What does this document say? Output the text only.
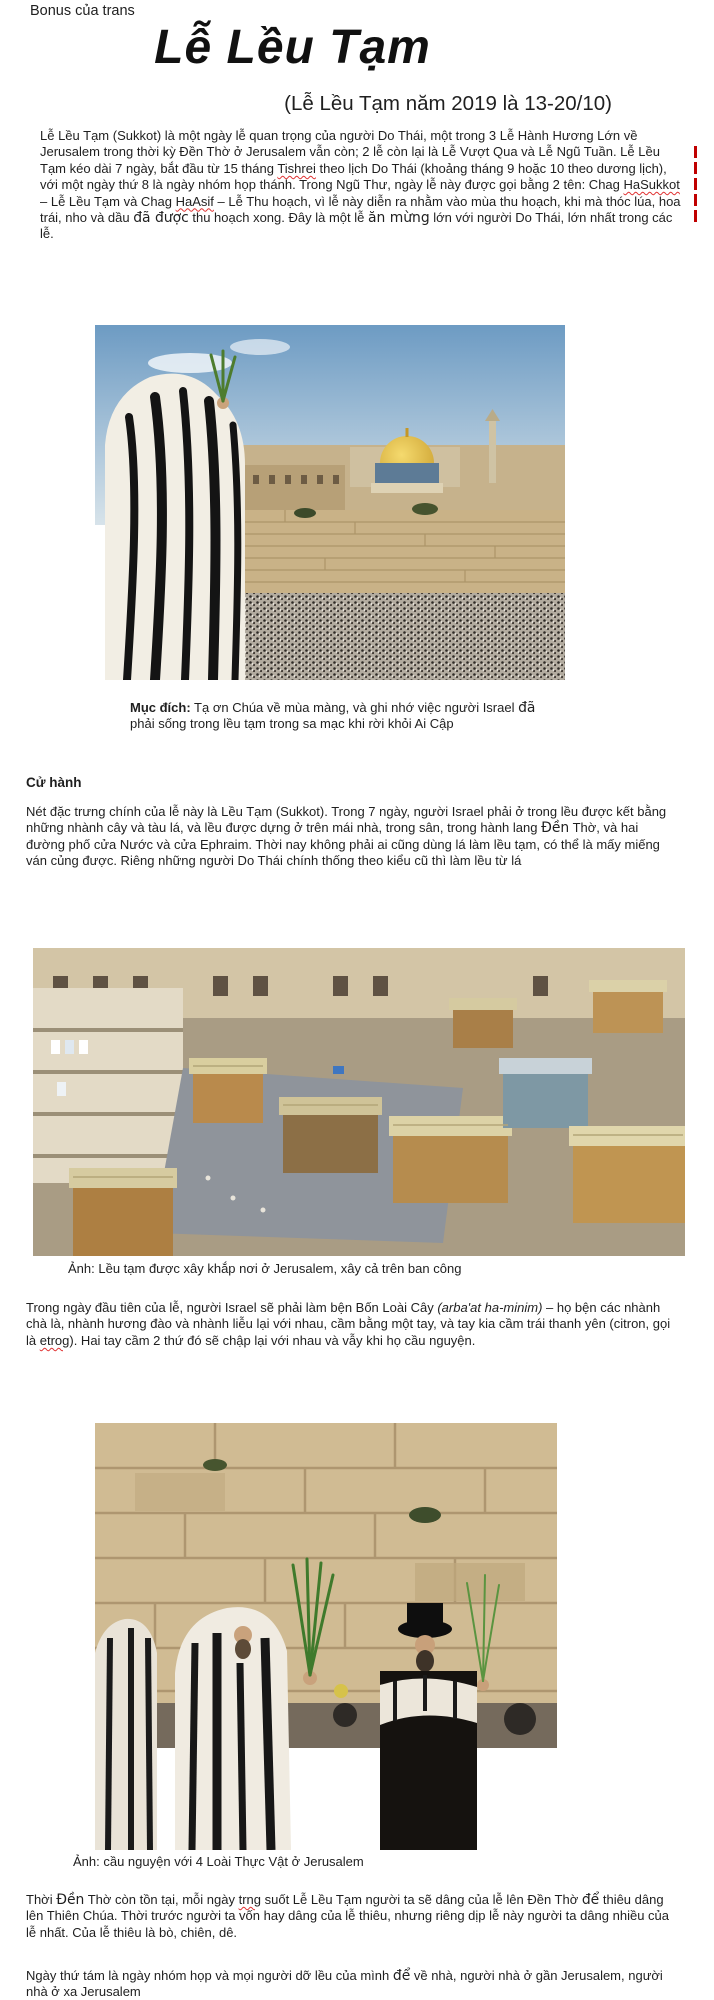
Bonus của trans
Lễ Lều Tạm
(Lễ Lều Tạm năm 2019 là 13-20/10)

Lễ Lều Tạm (Sukkot) là một ngày lễ quan trọng của người Do Thái, một trong 3 Lễ Hành Hương Lớn về Jerusalem trong thời kỳ Đền Thờ ở Jerusalem vẫn còn; 2 lễ còn lại là Lễ Vượt Qua và Lễ Ngũ Tuần. Lễ Lều Tạm kéo dài 7 ngày, bắt đầu từ 15 tháng Tishrei theo lịch Do Thái (khoảng tháng 9 hoặc 10 theo dương lịch), với một ngày thứ 8 là ngày nhóm họp thánh. Trong Ngũ Thư, ngày lễ này được gọi bằng 2 tên: Chag HaSukkot – Lễ Lều Tạm và Chag HaAsif – Lễ Thu hoạch, vì lễ này diễn ra nhằm vào mùa thu hoạch, khi mà thóc lúa, hoa trái, nho và dầu đã được thu hoạch xong. Đây là một lễ ăn mừng lớn với người Do Thái, lớn nhất trong các lễ.

Mục đích: Tạ ơn Chúa về mùa màng, và ghi nhớ việc người Israel đã phải sống trong lều tạm trong sa mạc khi rời khỏi Ai Cập

Cử hành

Nét đặc trưng chính của lễ này là Lều Tạm (Sukkot). Trong 7 ngày, người Israel phải ở trong lều được kết bằng những nhành cây và tàu lá, và lều được dựng ở trên mái nhà, trong sân, trong hành lang Đền Thờ, và hai đường phố cửa Nước và cửa Ephraim. Thời nay không phải ai cũng dùng lá làm lều tạm, có thể là mấy miếng ván củng được. Riêng những người Do Thái chính thống theo kiểu cũ thì làm lều từ lá

Ảnh: Lều tạm được xây khắp nơi ở Jerusalem, xây cả trên ban công

Trong ngày đầu tiên của lễ, người Israel sẽ phải làm bện Bốn Loài Cây (arba'at ha-minim) – họ bện các nhành chà là, nhành hương đào và nhành liễu lại với nhau, cầm bằng một tay, và tay kia cầm trái thanh yên (citron, gọi là etrog). Hai tay cầm 2 thứ đó sẽ chập lại với nhau và vẫy khi họ cầu nguyện.

Ảnh: cầu nguyện với 4 Loài Thực Vật ở Jerusalem

Thời Đền Thờ còn tồn tại, mỗi ngày trng suốt Lễ Lều Tạm người ta sẽ dâng của lễ lên Đền Thờ để thiêu dâng lên Thiên Chúa. Thời trước người ta vốn hay dâng của lễ thiêu, nhưng riêng dịp lễ này người ta dâng nhiều của lễ nhất. Của lễ thiêu là bò, chiên, dê.

Ngày thứ tám là ngày nhóm họp và mọi người dỡ lều của mình để về nhà, người nhà ở gần Jerusalem, người nhà ở xa Jerusalem
